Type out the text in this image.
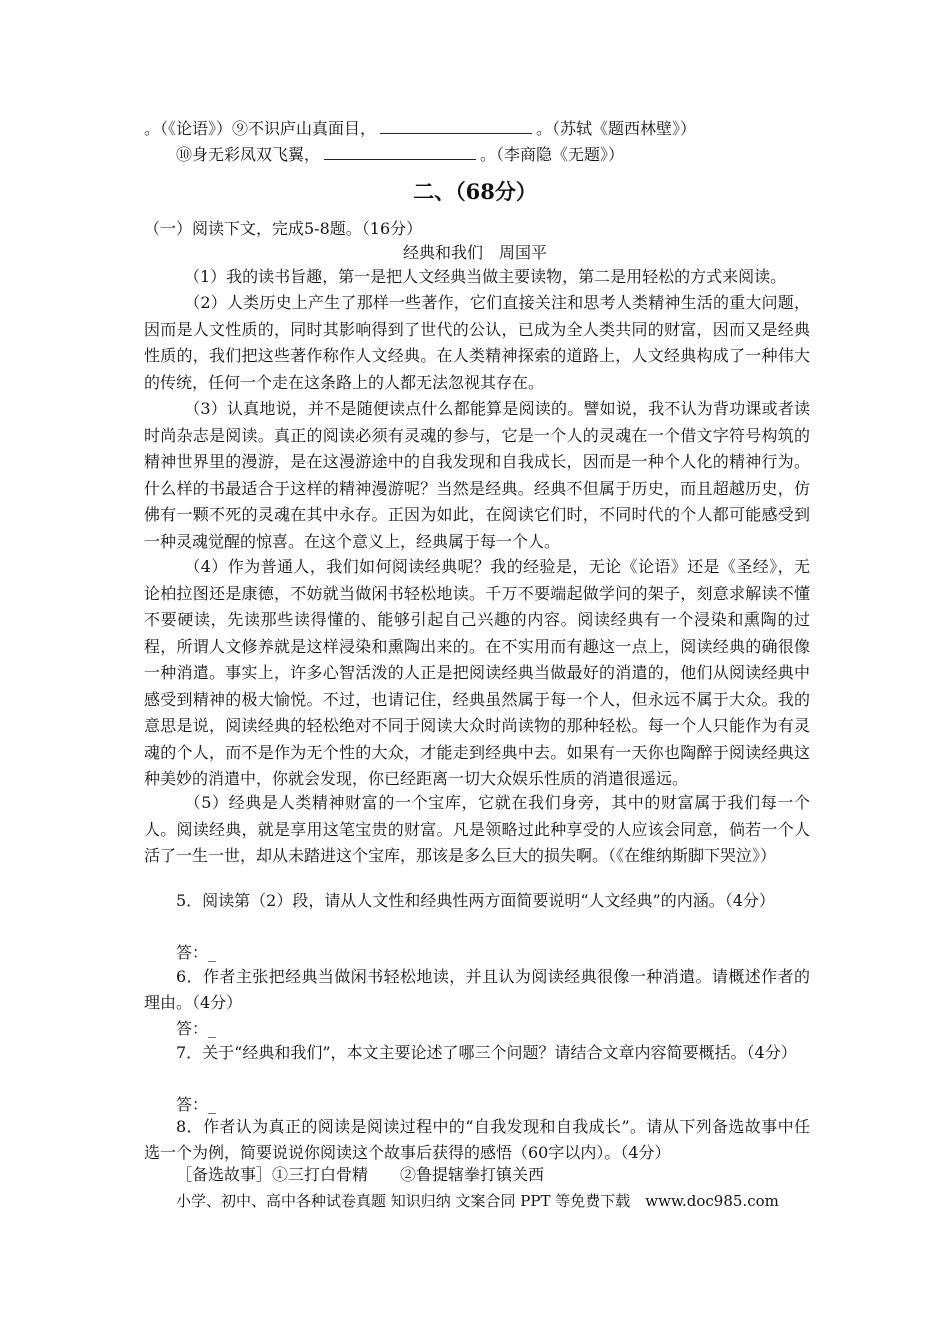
。（《论语》）⑨不识庐山真面目，	。（苏轼《题西林壁》）
⑩身无彩凤双飞翼，	。（李商隐《无题》）
二、（68分）
（一）阅读下文，完成5-8题。（16分）
经典和我们　周国平
（1）我的读书旨趣，第一是把人文经典当做主要读物，第二是用轻松的方式来阅读。
（2）人类历史上产生了那样一些著作，它们直接关注和思考人类精神生活的重大问题，因而是人文性质的，同时其影响得到了世代的公认，已成为全人类共同的财富，因而又是经典性质的，我们把这些著作称作人文经典。在人类精神探索的道路上，人文经典构成了一种伟大的传统，任何一个走在这条路上的人都无法忽视其存在。
（3）认真地说，并不是随便读点什么都能算是阅读的。譬如说，我不认为背功课或者读时尚杂志是阅读。真正的阅读必须有灵魂的参与，它是一个人的灵魂在一个借文字符号构筑的精神世界里的漫游，是在这漫游途中的自我发现和自我成长，因而是一种个人化的精神行为。什么样的书最适合于这样的精神漫游呢？当然是经典。经典不但属于历史，而且超越历史，仿佛有一颗不死的灵魂在其中永存。正因为如此，在阅读它们时，不同时代的个人都可能感受到一种灵魂觉醒的惊喜。在这个意义上，经典属于每一个人。
（4）作为普通人，我们如何阅读经典呢？我的经验是，无论《论语》还是《圣经》，无论柏拉图还是康德，不妨就当做闲书轻松地读。千万不要端起做学问的架子，刻意求解读不懂不要硬读，先读那些读得懂的、能够引起自己兴趣的内容。阅读经典有一个浸染和熏陶的过程，所谓人文修养就是这样浸染和熏陶出来的。在不实用而有趣这一点上，阅读经典的确很像一种消遣。事实上，许多心智活泼的人正是把阅读经典当做最好的消遣的，他们从阅读经典中感受到精神的极大愉悦。不过，也请记住，经典虽然属于每一个人，但永远不属于大众。我的意思是说，阅读经典的轻松绝对不同于阅读大众时尚读物的那种轻松。每一个人只能作为有灵魂的个人，而不是作为无个性的大众，才能走到经典中去。如果有一天你也陶醉于阅读经典这种美妙的消遣中，你就会发现，你已经距离一切大众娱乐性质的消遣很遥远。
（5）经典是人类精神财富的一个宝库，它就在我们身旁，其中的财富属于我们每一个人。阅读经典，就是享用这笔宝贵的财富。凡是领略过此种享受的人应该会同意，倘若一个人活了一生一世，却从未踏进这个宝库，那该是多么巨大的损失啊。（《在维纳斯脚下哭泣》）
5．阅读第（2）段，请从人文性和经典性两方面简要说明“人文经典”的内涵。（4分）
答：_
6．作者主张把经典当做闲书轻松地读，并且认为阅读经典很像一种消遣。请概述作者的理由。（4分）
答：_
7．关于“经典和我们”，本文主要论述了哪三个问题？请结合文章内容简要概括。（4分）
答：_
8．作者认为真正的阅读是阅读过程中的“自我发现和自我成长”。请从下列备选故事中任选一个为例，简要说说你阅读这个故事后获得的感悟（60字以内）。（4分）
［备选故事］①三打白骨精　　②鲁提辖拳打镇关西
小学、初中、高中各种试卷真题 知识归纳 文案合同 PPT 等免费下载　www.doc985.com
